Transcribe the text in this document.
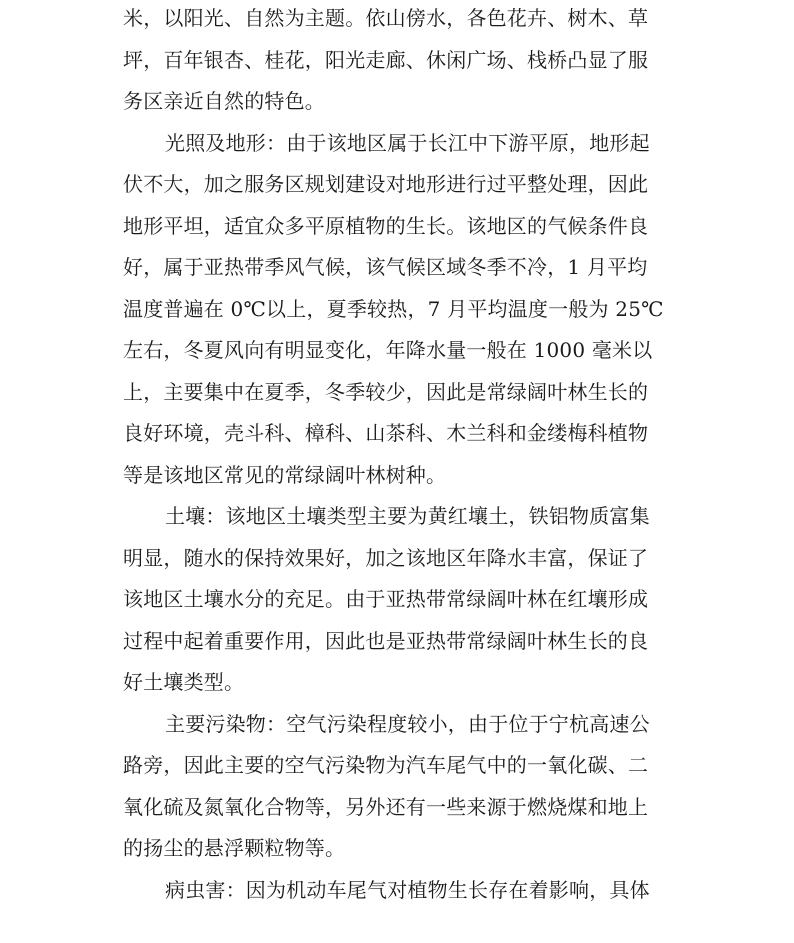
米，以阳光、自然为主题。依山傍水，各色花卉、树木、草
坪，百年银杏、桂花，阳光走廊、休闲广场、栈桥凸显了服
务区亲近自然的特色。
光照及地形：由于该地区属于长江中下游平原，地形起
伏不大，加之服务区规划建设对地形进行过平整处理，因此
地形平坦，适宜众多平原植物的生长。该地区的气候条件良
好，属于亚热带季风气候，该气候区域冬季不冷，1 月平均
温度普遍在 0℃以上，夏季较热，7 月平均温度一般为 25℃
左右，冬夏风向有明显变化，年降水量一般在 1000 毫米以
上，主要集中在夏季，冬季较少，因此是常绿阔叶林生长的
良好环境，壳斗科、樟科、山茶科、木兰科和金缕梅科植物
等是该地区常见的常绿阔叶林树种。
土壤：该地区土壤类型主要为黄红壤土，铁铝物质富集
明显，随水的保持效果好，加之该地区年降水丰富，保证了
该地区土壤水分的充足。由于亚热带常绿阔叶林在红壤形成
过程中起着重要作用，因此也是亚热带常绿阔叶林生长的良
好土壤类型。
主要污染物：空气污染程度较小，由于位于宁杭高速公
路旁，因此主要的空气污染物为汽车尾气中的一氧化碳、二
氧化硫及氮氧化合物等，另外还有一些来源于燃烧煤和地上
的扬尘的悬浮颗粒物等。
病虫害：因为机动车尾气对植物生长存在着影响，具体
